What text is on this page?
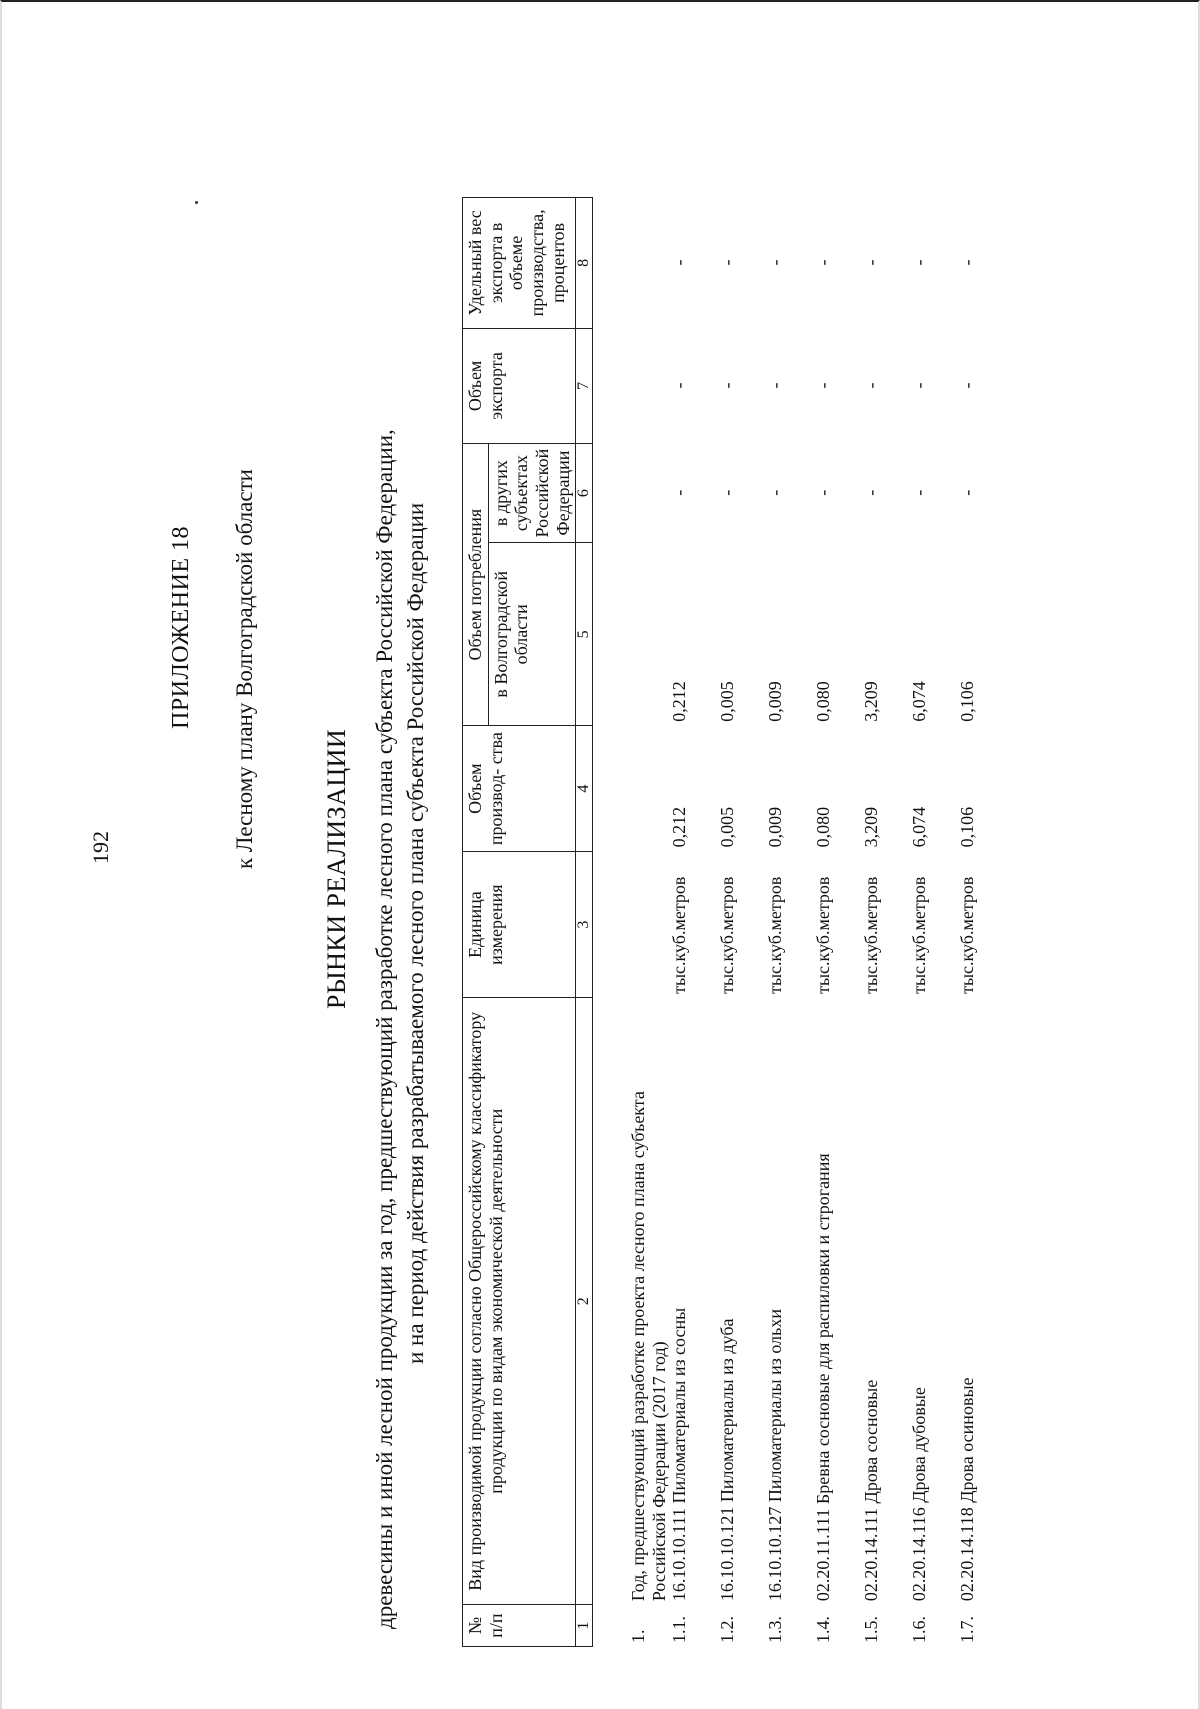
192
ПРИЛОЖЕНИЕ 18 к Лесному плану Волгоградской области	РЫНКИ РЕАЛИЗАЦИИ древесины и иной лесной продукции за год, предшествующий разработке лесного плана субъекта Российской Федерации, и на период действия разрабатываемого лесного плана субъекта Российской Федерации
№ п/п	Вид производимой продукции согласно Общероссийскому классификатору продукции по видам экономической деятельности	Единица измерения	Объем производ- ства	Объем потребления		Объем экспорта	Удельный вес экспорта в объеме производства, процентов
				в Волгоградской области	в других субъектах Российской Федерации		
1	2	3	4	5	6	7	8
1.	Год, предшествующий разработке проекта лесного плана субъекта Российской Федерации (2017 год)						
1.1.	16.10.10.111 Пиломатериалы из сосны	тыс.куб.метров	0,212	0,212	-	-	-
1.2.	16.10.10.121 Пиломатериалы из дуба	тыс.куб.метров	0,005	0,005	-	-	-
1.3.	16.10.10.127 Пиломатериалы из ольхи	тыс.куб.метров	0,009	0,009	-	-	-
1.4.	02.20.11.111 Бревна сосновые для распиловки и строгания	тыс.куб.метров	0,080	0,080	-	-	-
1.5.	02.20.14.111 Дрова сосновые	тыс.куб.метров	3,209	3,209	-	-	-
1.6.	02.20.14.116 Дрова дубовые	тыс.куб.метров	6,074	6,074	-	-	-
1.7.	02.20.14.118 Дрова осиновые	тыс.куб.метров	0,106	0,106	-	-	-
